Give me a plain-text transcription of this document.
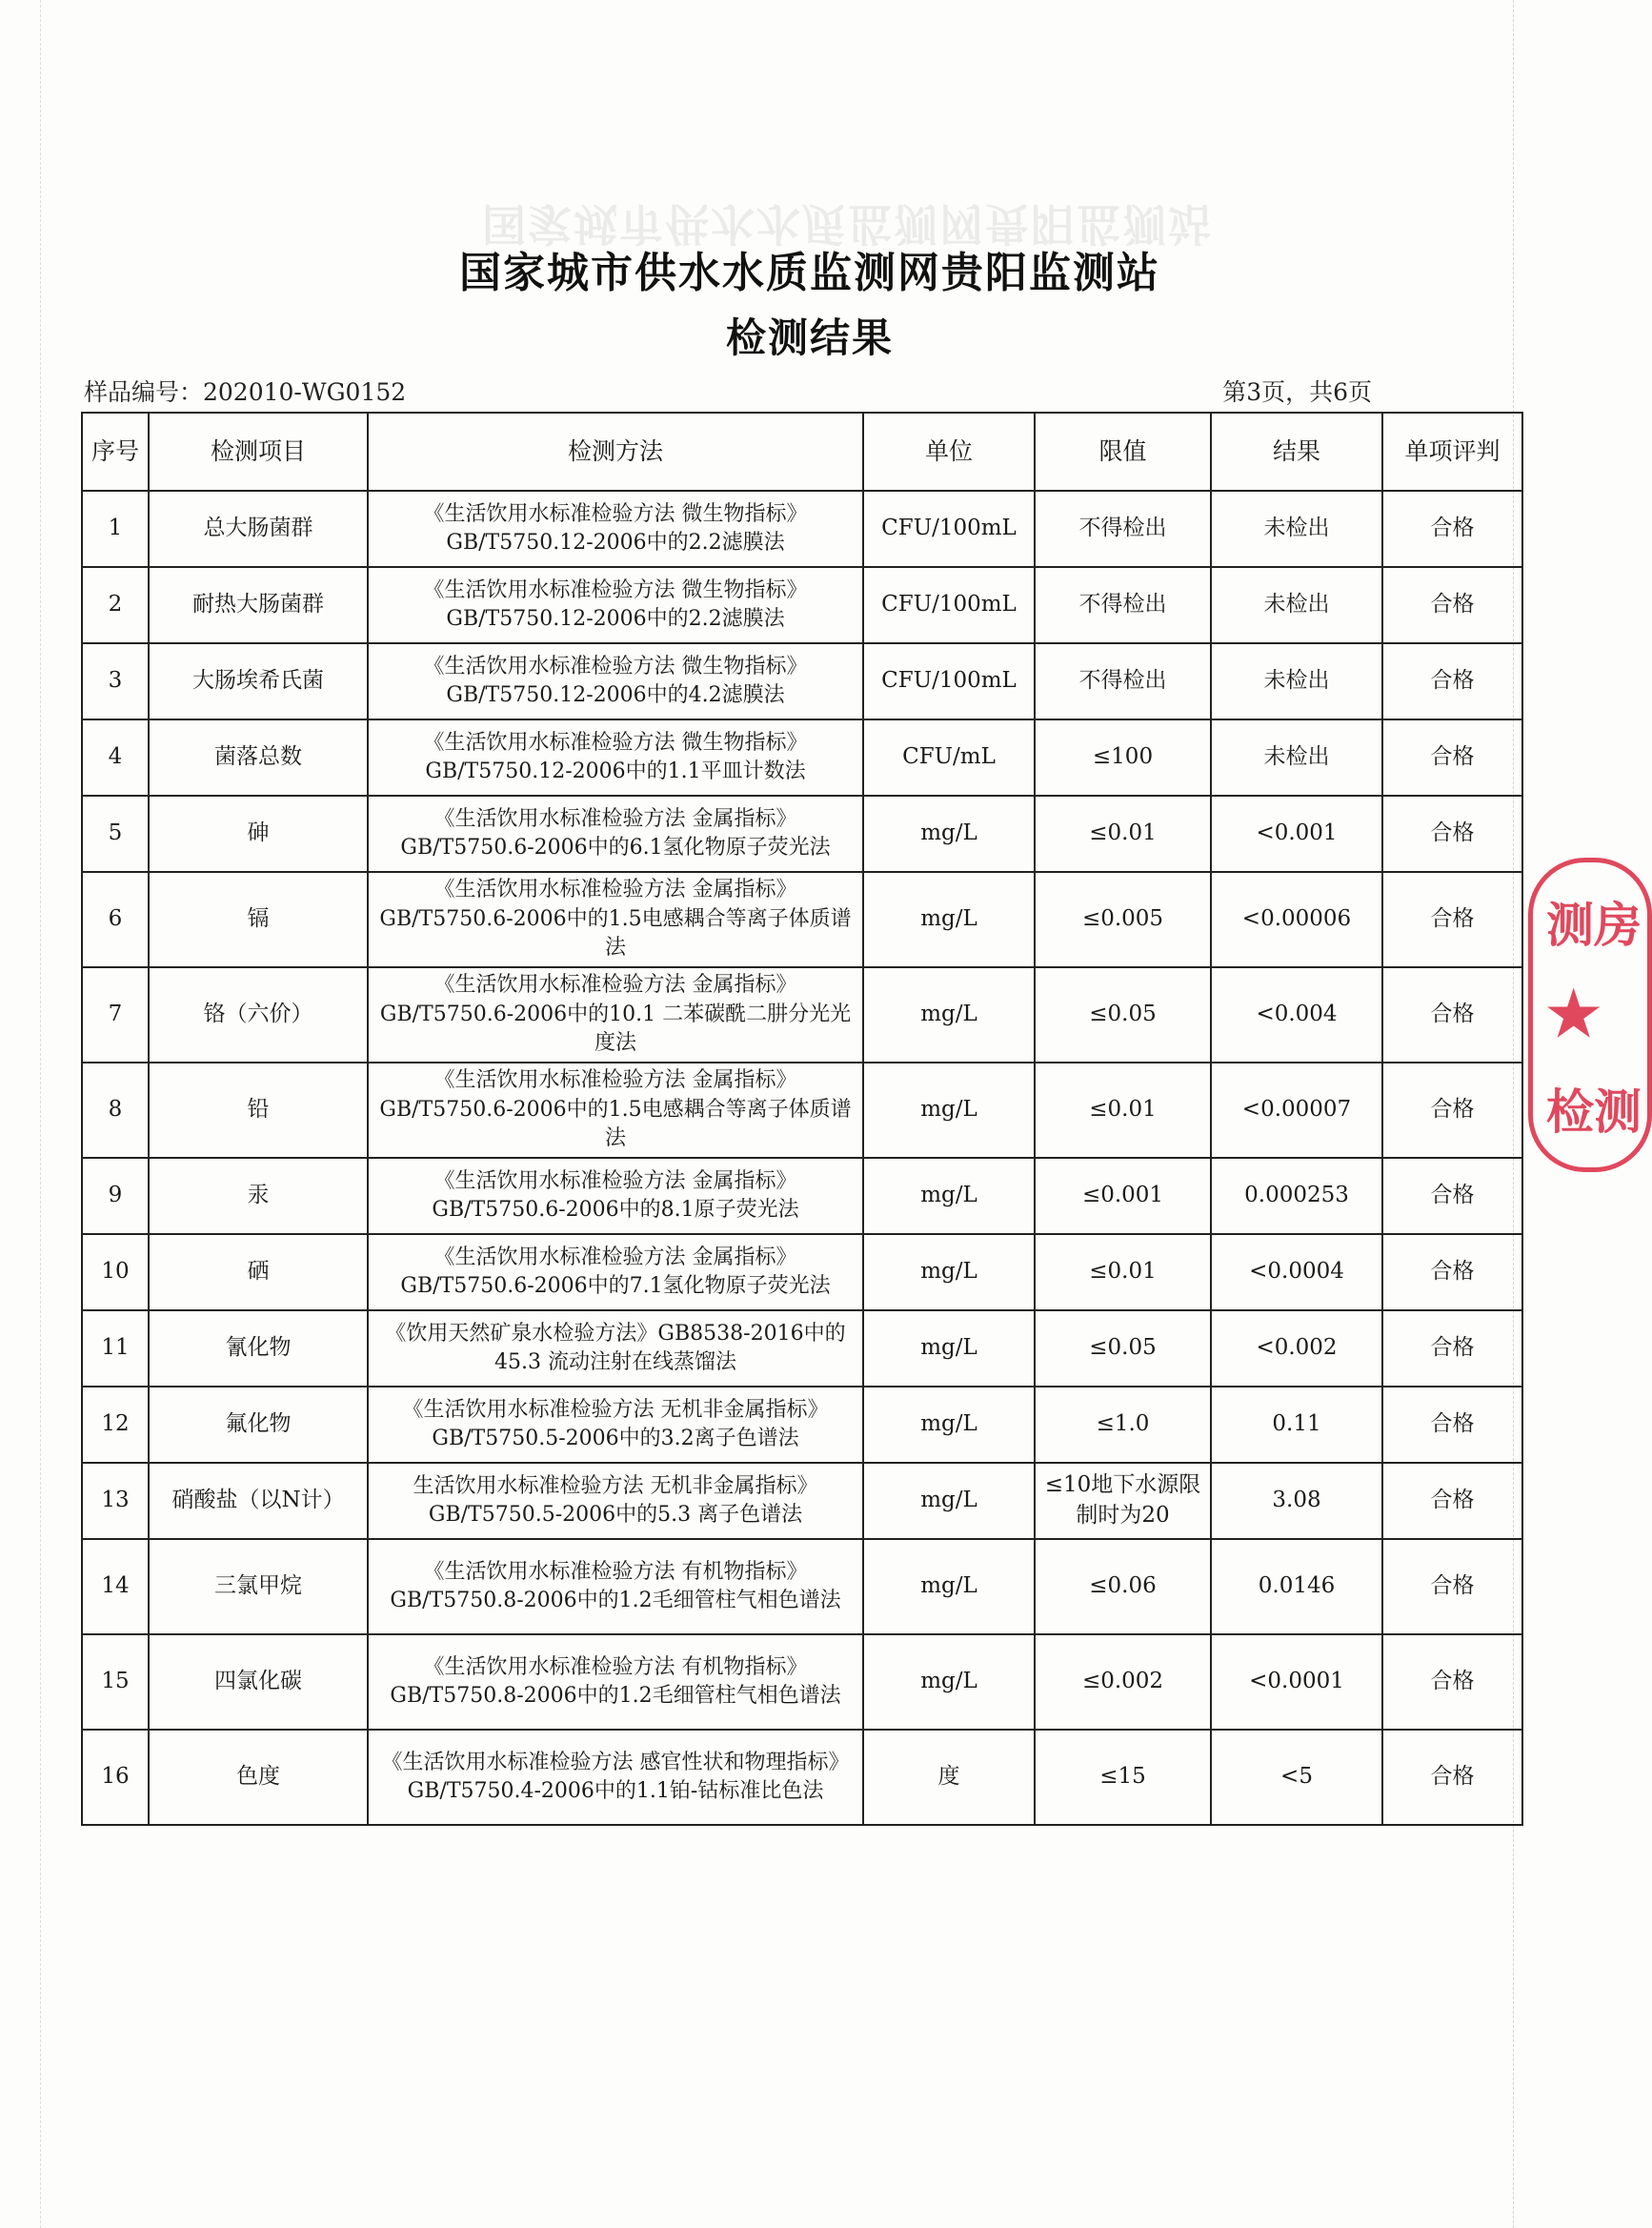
国家城市供水水质监测网贵阳监测站
国家城市供水水质监测网贵阳监测站
检测结果
样品编号：202010-WG0152	第3页，共6页
序号	检测项目	检测方法	单位	限值	结果	单项评判
1	总大肠菌群	《生活饮用水标准检验方法 微生物指标》GB/T5750.12-2006中的2.2滤膜法	CFU/100mL	不得检出	未检出	合格
2	耐热大肠菌群	《生活饮用水标准检验方法 微生物指标》GB/T5750.12-2006中的2.2滤膜法	CFU/100mL	不得检出	未检出	合格
3	大肠埃希氏菌	《生活饮用水标准检验方法 微生物指标》GB/T5750.12-2006中的4.2滤膜法	CFU/100mL	不得检出	未检出	合格
4	菌落总数	《生活饮用水标准检验方法 微生物指标》GB/T5750.12-2006中的1.1平皿计数法	CFU/mL	≤100	未检出	合格
5	砷	《生活饮用水标准检验方法 金属指标》GB/T5750.6-2006中的6.1氢化物原子荧光法	mg/L	≤0.01	<0.001	合格
6	镉	《生活饮用水标准检验方法 金属指标》GB/T5750.6-2006中的1.5电感耦合等离子体质谱法	mg/L	≤0.005	<0.00006	合格
7	铬（六价）	《生活饮用水标准检验方法 金属指标》GB/T5750.6-2006中的10.1 二苯碳酰二肼分光光度法	mg/L	≤0.05	<0.004	合格
8	铅	《生活饮用水标准检验方法 金属指标》GB/T5750.6-2006中的1.5电感耦合等离子体质谱法	mg/L	≤0.01	<0.00007	合格
9	汞	《生活饮用水标准检验方法 金属指标》GB/T5750.6-2006中的8.1原子荧光法	mg/L	≤0.001	0.000253	合格
10	硒	《生活饮用水标准检验方法 金属指标》GB/T5750.6-2006中的7.1氢化物原子荧光法	mg/L	≤0.01	<0.0004	合格
11	氰化物	《饮用天然矿泉水检验方法》GB8538-2016中的45.3 流动注射在线蒸馏法	mg/L	≤0.05	<0.002	合格
12	氟化物	《生活饮用水标准检验方法 无机非金属指标》GB/T5750.5-2006中的3.2离子色谱法	mg/L	≤1.0	0.11	合格
13	硝酸盐（以N计）	生活饮用水标准检验方法 无机非金属指标》GB/T5750.5-2006中的5.3 离子色谱法	mg/L	≤10地下水源限制时为20	3.08	合格
14	三氯甲烷	《生活饮用水标准检验方法 有机物指标》GB/T5750.8-2006中的1.2毛细管柱气相色谱法	mg/L	≤0.06	0.0146	合格
15	四氯化碳	《生活饮用水标准检验方法 有机物指标》GB/T5750.8-2006中的1.2毛细管柱气相色谱法	mg/L	≤0.002	<0.0001	合格
16	色度	《生活饮用水标准检验方法 感官性状和物理指标》GB/T5750.4-2006中的1.1铂-钴标准比色法	度	≤15	<5	合格
测房
★
检测
